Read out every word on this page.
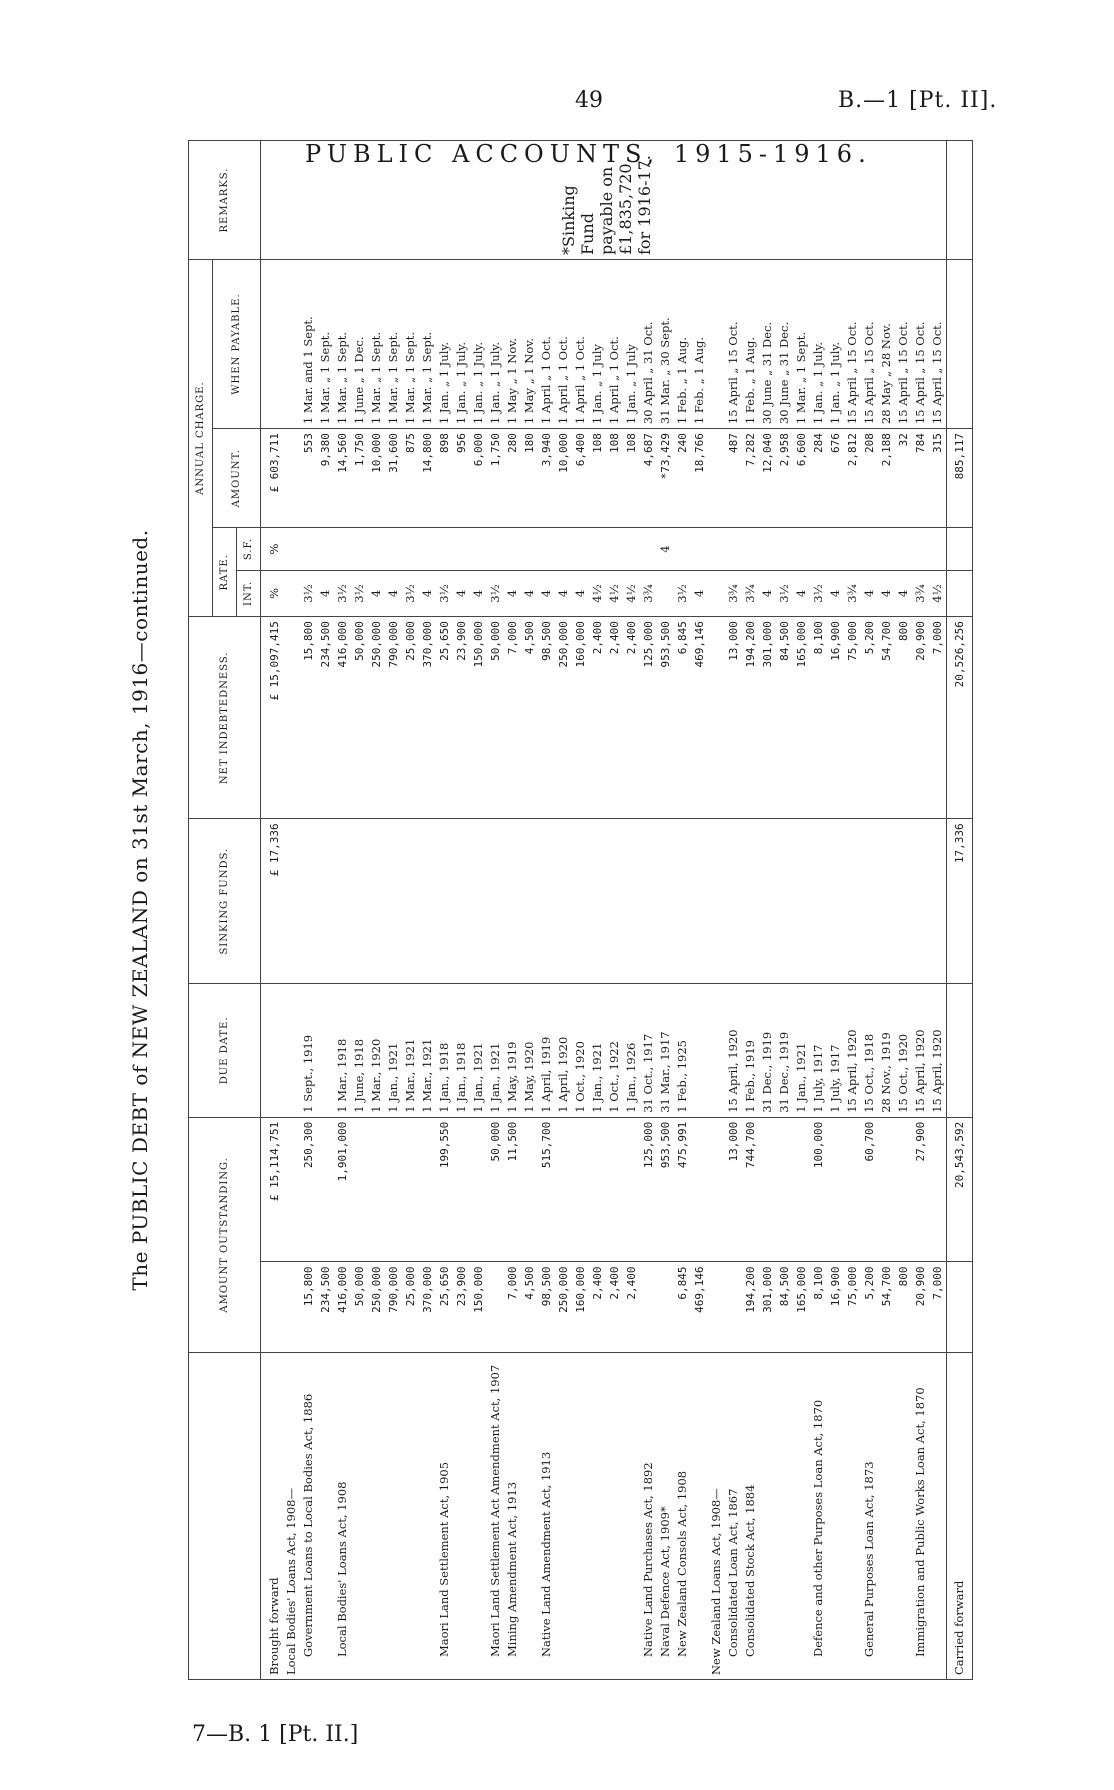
49	B.—1 [Pt. II].
PUBLIC ACCOUNTS, 1915-1916.
The PUBLIC DEBT of NEW ZEALAND on 31st March, 1916—continued.
		AMOUNT OUTSTANDING.		DUE DATE.	SINKING FUNDS.	NET INDEBTEDNESS.	ANNUAL CHARGE.				REMARKS.
						RATE.		AMOUNT.	WHEN PAYABLE.	
						INT.	S.F.			
Brought forward		£ 15,114,751		£ 17,336	£ 15,097,415	%	%	£ 603,711		*Sinking Fund payable on £1,835,720 for 1916-17.
Local Bodies' Loans Act, 1908—										
Government Loans to Local Bodies Act, 1886	15,800	250,300	1 Sept., 1919		15,800	3½		553	1 Mar. and 1 Sept.	
	234,500				234,500	4		9,380	1 Mar. „ 1 Sept.	
Local Bodies' Loans Act, 1908	416,000	1,901,000	1 Mar., 1918		416,000	3½		14,560	1 Mar. „ 1 Sept.	
	50,000		1 June, 1918		50,000	3½		1,750	1 June „ 1 Dec.	
	250,000		1 Mar., 1920		250,000	4		10,000	1 Mar. „ 1 Sept.	
	790,000		1 Jan., 1921		790,000	4		31,600	1 Mar. „ 1 Sept.	
	25,000		1 Mar., 1921		25,000	3½		875	1 Mar. „ 1 Sept.	
	370,000		1 Mar., 1921		370,000	4		14,800	1 Mar. „ 1 Sept.	
Maori Land Settlement Act, 1905	25,650	199,550	1 Jan., 1918		25,650	3½		898	1 Jan. „ 1 July.	
	23,900		1 Jan., 1918		23,900	4		956	1 Jan. „ 1 July.	
	150,000		1 Jan., 1921		150,000	4		6,000	1 Jan. „ 1 July.	
Maori Land Settlement Act Amendment Act, 1907		50,000	1 Jan., 1921		50,000	3½		1,750	1 Jan. „ 1 July.	
Mining Amendment Act, 1913	7,000	11,500	1 May, 1919		7,000	4		280	1 May „ 1 Nov.	
	4,500		1 May, 1920		4,500	4		180	1 May „ 1 Nov.	
Native Land Amendment Act, 1913	98,500	515,700	1 April, 1919		98,500	4		3,940	1 April „ 1 Oct.	
	250,000		1 April, 1920		250,000	4		10,000	1 April „ 1 Oct.	
	160,000		1 Oct., 1920		160,000	4		6,400	1 April „ 1 Oct.	
	2,400		1 Jan., 1921		2,400	4½		108	1 Jan. „ 1 July	
	2,400		1 Oct., 1922		2,400	4½		108	1 April „ 1 Oct.	
	2,400		1 Jan., 1926		2,400	4½		108	1 Jan. „ 1 July	
Native Land Purchases Act, 1892		125,000	31 Oct., 1917		125,000	3¾		4,687	30 April „ 31 Oct.	
Naval Defence Act, 1909*		953,500	31 Mar., 1917		953,500		4	*73,429	31 Mar. „ 30 Sept.	
New Zealand Consols Act, 1908	6,845	475,991	1 Feb., 1925		6,845	3½		240	1 Feb. „ 1 Aug.	
	469,146				469,146	4		18,766	1 Feb. „ 1 Aug.	
New Zealand Loans Act, 1908—										
Consolidated Loan Act, 1867		13,000	15 April, 1920		13,000	3¾		487	15 April „ 15 Oct.	
Consolidated Stock Act, 1884	194,200	744,700	1 Feb., 1919		194,200	3¾		7,282	1 Feb. „ 1 Aug.	
	301,000		31 Dec., 1919		301,000	4		12,040	30 June „ 31 Dec.	
	84,500		31 Dec., 1919		84,500	3½		2,958	30 June „ 31 Dec.	
	165,000		1 Jan., 1921		165,000	4		6,600	1 Mar. „ 1 Sept.	
Defence and other Purposes Loan Act, 1870	8,100	100,000	1 July, 1917		8,100	3½		284	1 Jan. „ 1 July.	
	16,900		1 July, 1917		16,900	4		676	1 Jan. „ 1 July.	
	75,000		15 April, 1920		75,000	3¾		2,812	15 April „ 15 Oct.	
General Purposes Loan Act, 1873	5,200	60,700	15 Oct., 1918		5,200	4		208	15 April „ 15 Oct.	
	54,700		28 Nov., 1919		54,700	4		2,188	28 May „ 28 Nov.	
	800		15 Oct., 1920		800	4		32	15 April „ 15 Oct.	
Immigration and Public Works Loan Act, 1870	20,900	27,900	15 April, 1920		20,900	3¾		784	15 April „ 15 Oct.	
	7,000		15 April, 1920		7,000	4½		315	15 April „ 15 Oct.	
Carried forward		20,543,592		17,336	20,526,256			885,117		
7—B. 1 [Pt. II.]
